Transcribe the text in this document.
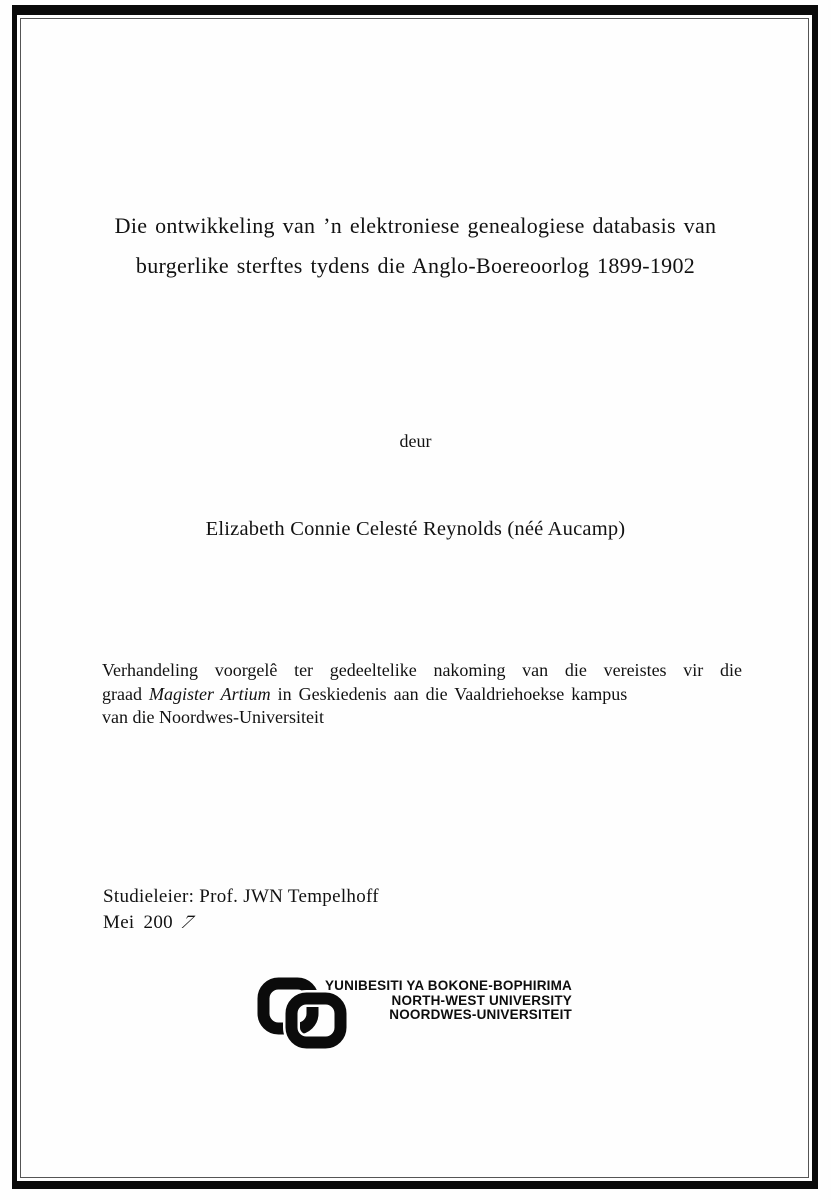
Die ontwikkeling van ’n elektroniese genealogiese databasis van
burgerlike sterftes tydens die Anglo-Boereoorlog 1899-1902
deur
Elizabeth Connie Celesté Reynolds (néé Aucamp)
Verhandeling voorgelê ter gedeeltelike nakoming van die vereistes vir die
graad Magister Artium in Geskiedenis aan die Vaaldriehoekse kampus
van die Noordwes-Universiteit
Studieleier: Prof. JWN Tempelhoff
Mei 200 7
YUNIBESITI YA BOKONE-BOPHIRIMA
NORTH-WEST UNIVERSITY
NOORDWES-UNIVERSITEIT
